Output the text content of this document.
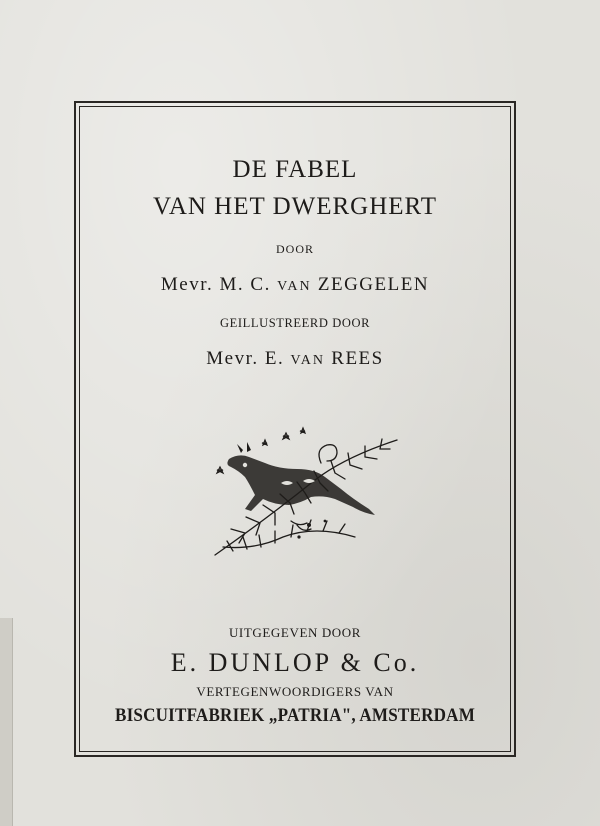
DE FABEL
VAN HET DWERGHERT
DOOR
Mevr. M. C. VAN ZEGGELEN
GEILLUSTREERD DOOR
Mevr. E. VAN REES
UITGEGEVEN DOOR
E. DUNLOP & Co.
VERTEGENWOORDIGERS VAN
BISCUITFABRIEK „PATRIA", AMSTERDAM
